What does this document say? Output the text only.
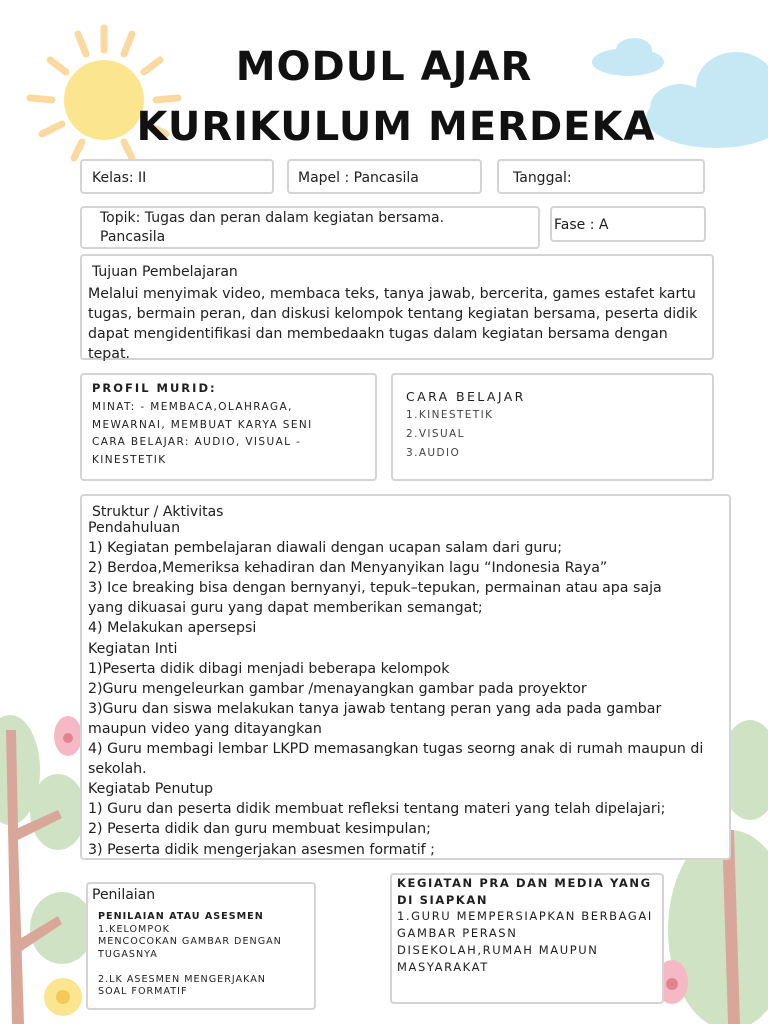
MODUL AJAR
KURIKULUM MERDEKA
Kelas: II	Mapel : Pancasila	Tanggal:
Topik: Tugas dan peran dalam kegiatan bersama.
Pancasila
Fase : A
Tujuan Pembelajaran
Melalui menyimak video, membaca teks, tanya jawab, bercerita, games estafet kartu
tugas, bermain peran, dan diskusi kelompok tentang kegiatan bersama, peserta didik
dapat mengidentifikasi dan membedaakn tugas dalam kegiatan bersama dengan
tepat.
PROFIL MURID:
MINAT: - MEMBACA,OLAHRAGA,
MEWARNAI, MEMBUAT KARYA SENI
CARA BELAJAR: AUDIO, VISUAL -
KINESTETIK
CARA BELAJAR
1.KINESTETIK
2.VISUAL
3.AUDIO
Struktur / Aktivitas
Pendahuluan
1) Kegiatan pembelajaran diawali dengan ucapan salam dari guru;
2) Berdoa,Memeriksa kehadiran dan Menyanyikan lagu “Indonesia Raya”
3) Ice breaking bisa dengan bernyanyi, tepuk–tepukan, permainan atau apa saja
yang dikuasai guru yang dapat memberikan semangat;
4) Melakukan apersepsi
Kegiatan Inti
1)Peserta didik dibagi menjadi beberapa kelompok
2)Guru mengeleurkan gambar /menayangkan gambar pada proyektor
3)Guru dan siswa melakukan tanya jawab tentang peran yang ada pada gambar
maupun video yang ditayangkan
4) Guru membagi lembar LKPD memasangkan tugas seorng anak di rumah maupun di
sekolah.
Kegiatab Penutup
1) Guru dan peserta didik membuat refleksi tentang materi yang telah dipelajari;
2) Peserta didik dan guru membuat kesimpulan;
3) Peserta didik mengerjakan asesmen formatif ;
Penilaian
PENILAIAN ATAU ASESMEN
1.KELOMPOK
MENCOCOKAN GAMBAR DENGAN
TUGASNYA
2.LK ASESMEN MENGERJAKAN
SOAL FORMATIF
KEGIATAN PRA DAN MEDIA YANG
DI SIAPKAN
1.GURU MEMPERSIAPKAN BERBAGAI
GAMBAR PERASN
DISEKOLAH,RUMAH MAUPUN
MASYARAKAT
